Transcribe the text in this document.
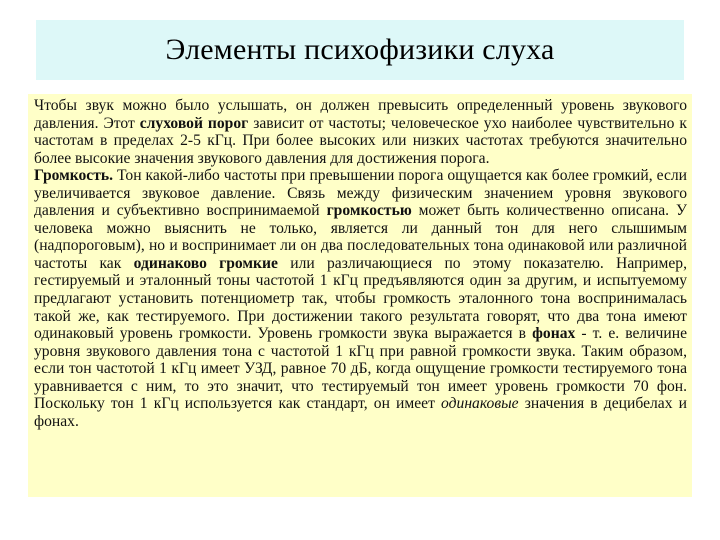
Элементы психофизики слуха

Чтобы звук можно было услышать, он должен превысить определенный уровень звукового давления. Этот слуховой порог зависит от частоты; человеческое ухо наиболее чувствительно к частотам в пределах 2-5 кГц. При более высоких или низких частотах требуются значительно более высокие значения звукового давления для достижения порога.

Громкость. Тон какой-либо частоты при превышении порога ощущается как более громкий, если увеличивается звуковое давление. Связь между физическим значением уровня звукового давления и субъективно воспринимаемой громкостью может быть количественно описана. У человека можно выяснить не только, является ли данный тон для него слышимым (надпороговым), но и воспринимает ли он два последовательных тона одинаковой или различной частоты как одинаково громкие или различающиеся по этому показателю. Например, гестируемый и эталонный тоны частотой 1 кГц предъявляются один за другим, и испытуемому предлагают установить потенциометр так, чтобы громкость эталонного тона воспринималась такой же, как тестируемого. При достижении такого результата говорят, что два тона имеют одинаковый уровень громкости. Уровень громкости звука выражается в фонах - т. е. величине уровня звукового давления тона с частотой 1 кГц при равной громкости звука. Таким образом, если тон частотой 1 кГц имеет УЗД, равное 70 дБ, когда ощущение громкости тестируемого тона уравнивается с ним, то это значит, что тестируемый тон имеет уровень громкости 70 фон. Поскольку тон 1 кГц используется как стандарт, он имеет одинаковые значения в децибелах и фонах.
